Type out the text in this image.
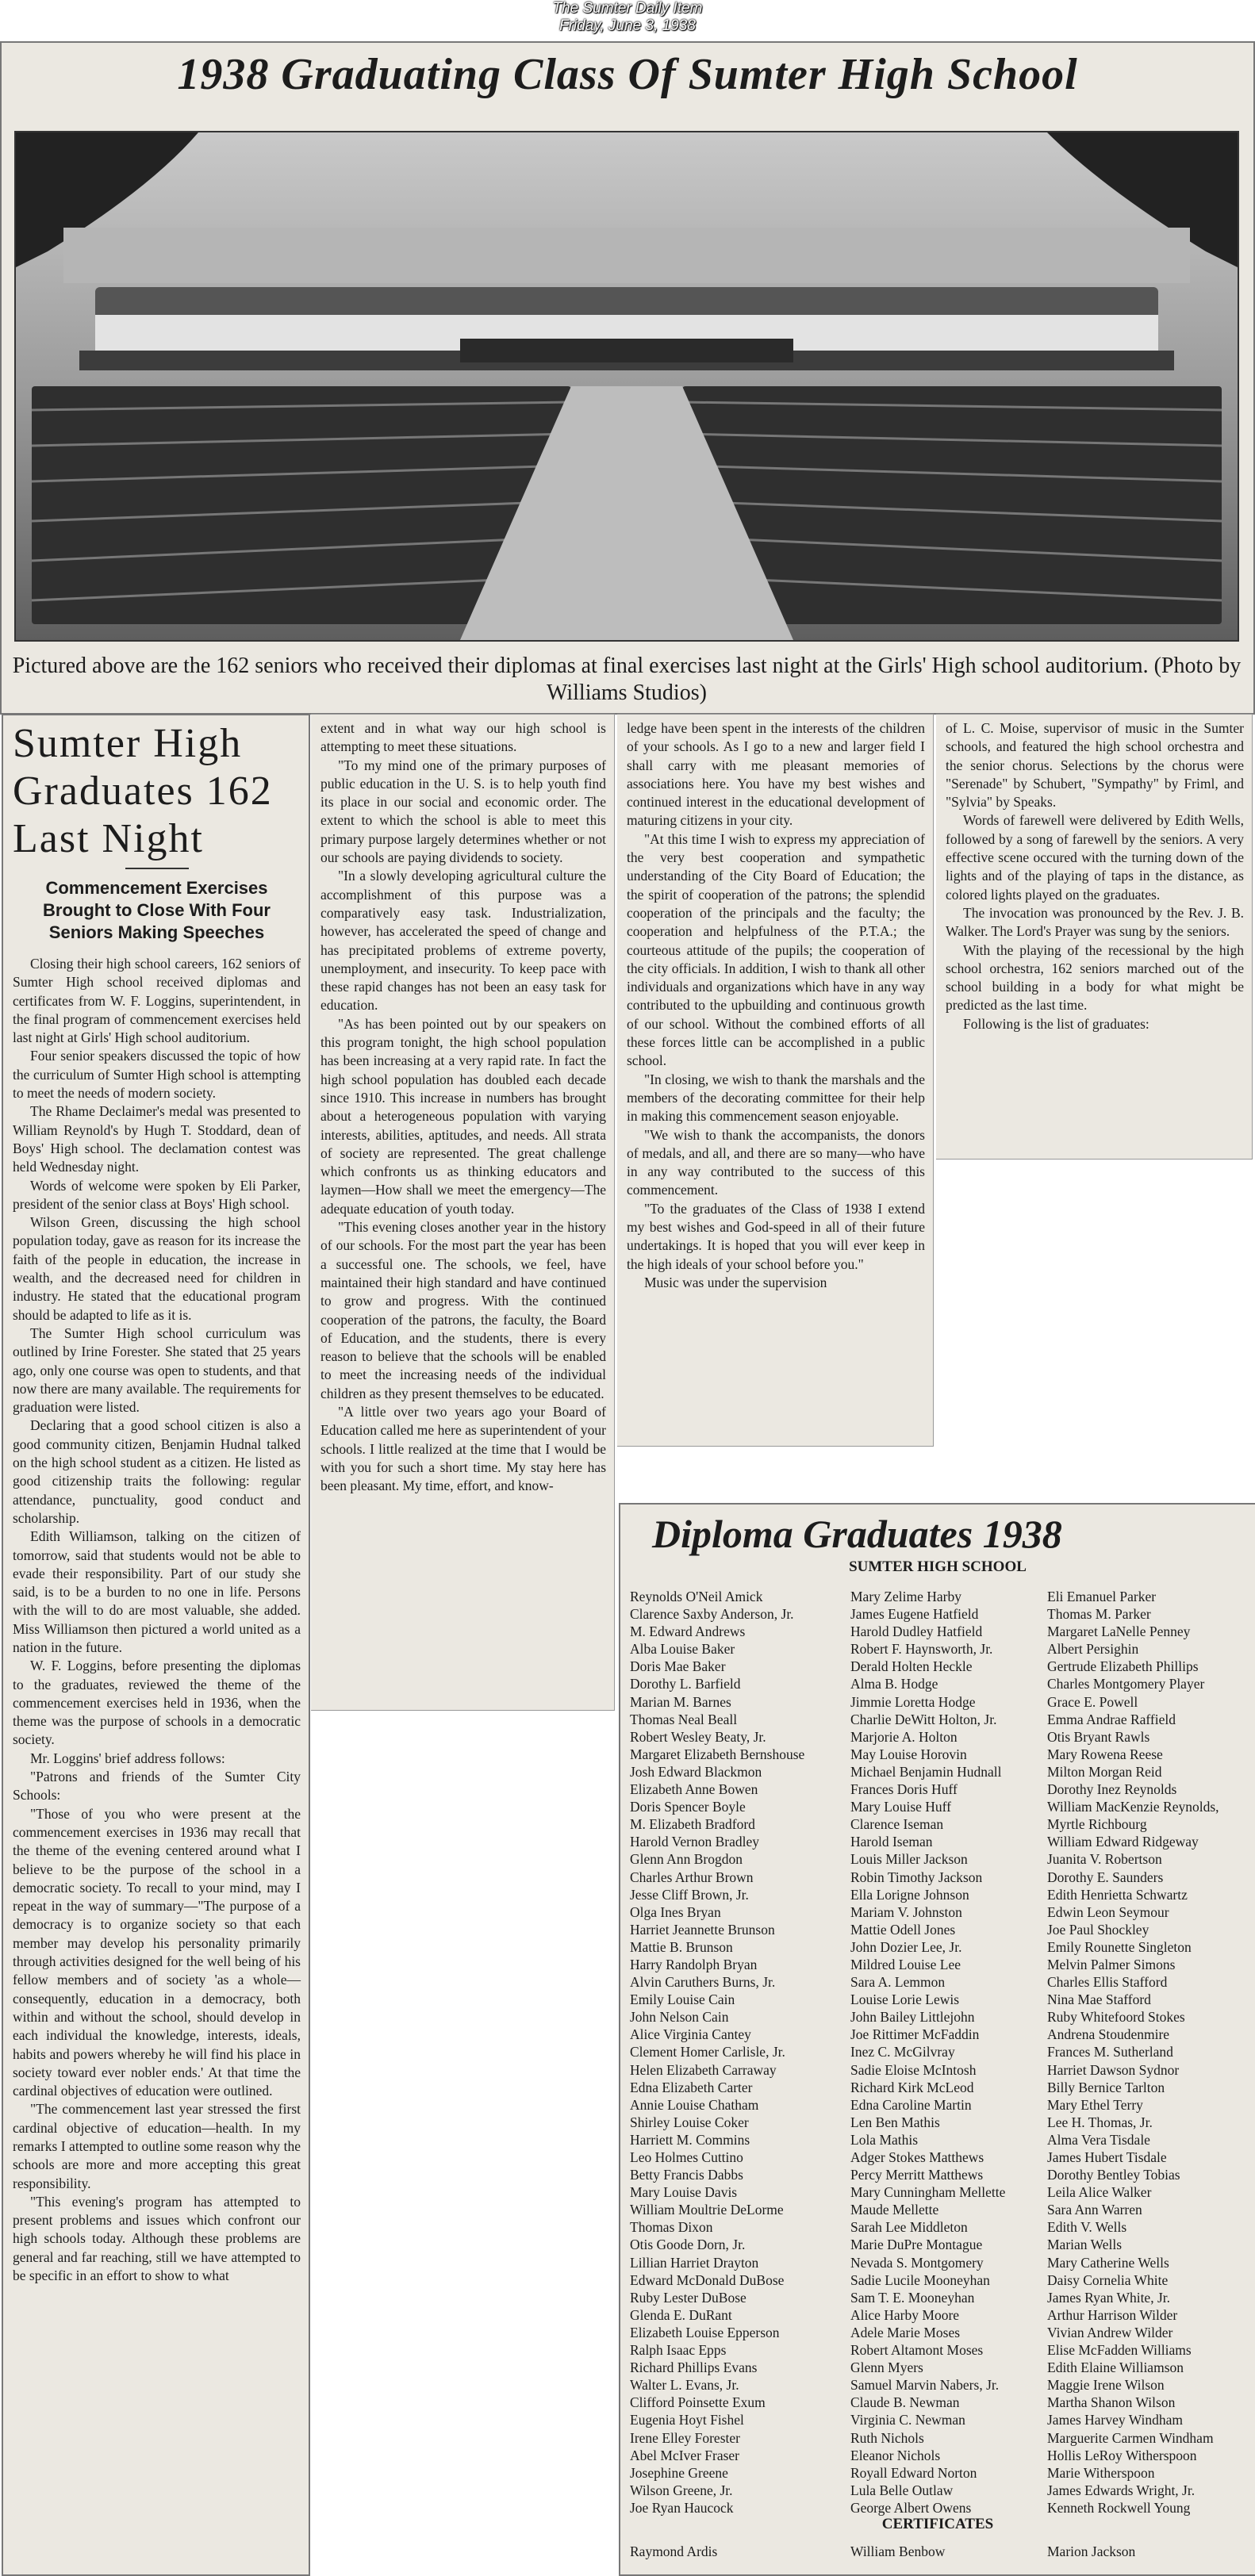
The Sumter Daily Item
Friday, June 3, 1938
1938 Graduating Class Of Sumter High School
Pictured above are the 162 seniors who received their diplomas at final exercises last night at the Girls' High school auditorium. (Photo by Williams Studios)
Sumter High
Graduates 162
Last Night
Commencement Exercises Brought to Close With Four Seniors Making Speeches

Closing their high school careers, 162 seniors of Sumter High school received diplomas and certificates from W. F. Loggins, superintendent, in the final program of commencement exercises held last night at Girls' High school auditorium.

Four senior speakers discussed the topic of how the curriculum of Sumter High school is attempting to meet the needs of modern society.

The Rhame Declaimer's medal was presented to William Reynold's by Hugh T. Stoddard, dean of Boys' High school. The declamation contest was held Wednesday night.

Words of welcome were spoken by Eli Parker, president of the senior class at Boys' High school.

Wilson Green, discussing the high school population today, gave as reason for its increase the faith of the people in education, the increase in wealth, and the decreased need for children in industry. He stated that the educational program should be adapted to life as it is.

The Sumter High school curriculum was outlined by Irine Forester. She stated that 25 years ago, only one course was open to students, and that now there are many available. The requirements for graduation were listed.

Declaring that a good school citizen is also a good community citizen, Benjamin Hudnal talked on the high school student as a citizen. He listed as good citizenship traits the following: regular attendance, punctuality, good conduct and scholarship.

Edith Williamson, talking on the citizen of tomorrow, said that students would not be able to evade their responsibility. Part of our study she said, is to be a burden to no one in life. Persons with the will to do are most valuable, she added. Miss Williamson then pictured a world united as a nation in the future.

W. F. Loggins, before presenting the diplomas to the graduates, reviewed the theme of the commencement exercises held in 1936, when the theme was the purpose of schools in a democratic society.

Mr. Loggins' brief address follows:

"Patrons and friends of the Sumter City Schools:

"Those of you who were present at the commencement exercises in 1936 may recall that the theme of the evening centered around what I believe to be the purpose of the school in a democratic society. To recall to your mind, may I repeat in the way of summary—"The purpose of a democracy is to organize society so that each member may develop his personality primarily through activities designed for the well being of his fellow members and of society 'as a whole—consequently, education in a democracy, both within and without the school, should develop in each individual the knowledge, interests, ideals, habits and powers whereby he will find his place in society toward ever nobler ends.' At that time the cardinal objectives of education were outlined.

"The commencement last year stressed the first cardinal objective of education—health. In my remarks I attempted to outline some reason why the schools are more and more accepting this great responsibility.

"This evening's program has attempted to present problems and issues which confront our high schools today. Although these problems are general and far reaching, still we have attempted to be specific in an effort to show to what

extent and in what way our high school is attempting to meet these situations.

"To my mind one of the primary purposes of public education in the U. S. is to help youth find its place in our social and economic order. The extent to which the school is able to meet this primary purpose largely determines whether or not our schools are paying dividends to society.

"In a slowly developing agricultural culture the accomplishment of this purpose was a comparatively easy task. Industrialization, however, has accelerated the speed of change and has precipitated problems of extreme poverty, unemployment, and insecurity. To keep pace with these rapid changes has not been an easy task for education.

"As has been pointed out by our speakers on this program tonight, the high school population has been increasing at a very rapid rate. In fact the high school population has doubled each decade since 1910. This increase in numbers has brought about a heterogeneous population with varying interests, abilities, aptitudes, and needs. All strata of society are represented. The great challenge which confronts us as thinking educators and laymen—How shall we meet the emergency—The adequate education of youth today.

"This evening closes another year in the history of our schools. For the most part the year has been a successful one. The schools, we feel, have maintained their high standard and have continued to grow and progress. With the continued cooperation of the patrons, the faculty, the Board of Education, and the students, there is every reason to believe that the schools will be enabled to meet the increasing needs of the individual children as they present themselves to be educated.

"A little over two years ago your Board of Education called me here as superintendent of your schools. I little realized at the time that I would be with you for such a short time. My stay here has been pleasant. My time, effort, and know-

ledge have been spent in the interests of the children of your schools. As I go to a new and larger field I shall carry with me pleasant memories of associations here. You have my best wishes and continued interest in the educational development of maturing citizens in your city.

"At this time I wish to express my appreciation of the very best cooperation and sympathetic understanding of the City Board of Education; the the spirit of cooperation of the patrons; the splendid cooperation of the principals and the faculty; the cooperation and helpfulness of the P.T.A.; the courteous attitude of the pupils; the cooperation of the city officials. In addition, I wish to thank all other individuals and organizations which have in any way contributed to the upbuilding and continuous growth of our school. Without the combined efforts of all these forces little can be accomplished in a public school.

"In closing, we wish to thank the marshals and the members of the decorating committee for their help in making this commencement season enjoyable.

"We wish to thank the accompanists, the donors of medals, and all, and there are so many—who have in any way contributed to the success of this commencement.

"To the graduates of the Class of 1938 I extend my best wishes and God-speed in all of their future undertakings. It is hoped that you will ever keep in the high ideals of your school before you."

Music was under the supervision

of L. C. Moise, supervisor of music in the Sumter schools, and featured the high school orchestra and the senior chorus. Selections by the chorus were "Serenade" by Schubert, "Sympathy" by Friml, and "Sylvia" by Speaks.

Words of farewell were delivered by Edith Wells, followed by a song of farewell by the seniors. A very effective scene occured with the turning down of the lights and of the playing of taps in the distance, as colored lights played on the graduates.

The invocation was pronounced by the Rev. J. B. Walker. The Lord's Prayer was sung by the seniors.

With the playing of the recessional by the high school orchestra, 162 seniors marched out of the school building in a body for what might be predicted as the last time.

Following is the list of graduates:

Diploma Graduates 1938
SUMTER HIGH SCHOOL
Reynolds O'Neil Amick
Clarence Saxby Anderson, Jr.
M. Edward Andrews
Alba Louise Baker
Doris Mae Baker
Dorothy L. Barfield
Marian M. Barnes
Thomas Neal Beall
Robert Wesley Beaty, Jr.
Margaret Elizabeth Bernshouse
Josh Edward Blackmon
Elizabeth Anne Bowen
Doris Spencer Boyle
M. Elizabeth Bradford
Harold Vernon Bradley
Glenn Ann Brogdon
Charles Arthur Brown
Jesse Cliff Brown, Jr.
Olga Ines Bryan
Harriet Jeannette Brunson
Mattie B. Brunson
Harry Randolph Bryan
Alvin Caruthers Burns, Jr.
Emily Louise Cain
John Nelson Cain
Alice Virginia Cantey
Clement Homer Carlisle, Jr.
Helen Elizabeth Carraway
Edna Elizabeth Carter
Annie Louise Chatham
Shirley Louise Coker
Harriett M. Commins
Leo Holmes Cuttino
Betty Francis Dabbs
Mary Louise Davis
William Moultrie DeLorme
Thomas Dixon
Otis Goode Dorn, Jr.
Lillian Harriet Drayton
Edward McDonald DuBose
Ruby Lester DuBose
Glenda E. DuRant
Elizabeth Louise Epperson
Ralph Isaac Epps
Richard Phillips Evans
Walter L. Evans, Jr.
Clifford Poinsette Exum
Eugenia Hoyt Fishel
Irene Elley Forester
Abel McIver Fraser
Josephine Greene
Wilson Greene, Jr.
Joe Ryan Haucock
Mary Zelime Harby
James Eugene Hatfield
Harold Dudley Hatfield
Robert F. Haynsworth, Jr.
Derald Holten Heckle
Alma B. Hodge
Jimmie Loretta Hodge
Charlie DeWitt Holton, Jr.
Marjorie A. Holton
May Louise Horovin
Michael Benjamin Hudnall
Frances Doris Huff
Mary Louise Huff
Clarence Iseman
Harold Iseman
Louis Miller Jackson
Robin Timothy Jackson
Ella Lorigne Johnson
Mariam V. Johnston
Mattie Odell Jones
John Dozier Lee, Jr.
Mildred Louise Lee
Sara A. Lemmon
Louise Lorie Lewis
John Bailey Littlejohn
Joe Rittimer McFaddin
Inez C. McGilvray
Sadie Eloise McIntosh
Richard Kirk McLeod
Edna Caroline Martin
Len Ben Mathis
Lola Mathis
Adger Stokes Matthews
Percy Merritt Matthews
Mary Cunningham Mellette
Maude Mellette
Sarah Lee Middleton
Marie DuPre Montague
Nevada S. Montgomery
Sadie Lucile Mooneyhan
Sam T. E. Mooneyhan
Alice Harby Moore
Adele Marie Moses
Robert Altamont Moses
Glenn Myers
Samuel Marvin Nabers, Jr.
Claude B. Newman
Virginia C. Newman
Ruth Nichols
Eleanor Nichols
Royall Edward Norton
Lula Belle Outlaw
George Albert Owens
Eli Emanuel Parker
Thomas M. Parker
Margaret LaNelle Penney
Albert Persighin
Gertrude Elizabeth Phillips
Charles Montgomery Player
Grace E. Powell
Emma Andrae Raffield
Otis Bryant Rawls
Mary Rowena Reese
Milton Morgan Reid
Dorothy Inez Reynolds
William MacKenzie Reynolds,
Myrtle Richbourg
William Edward Ridgeway
Juanita V. Robertson
Dorothy E. Saunders
Edith Henrietta Schwartz
Edwin Leon Seymour
Joe Paul Shockley
Emily Rounette Singleton
Melvin Palmer Simons
Charles Ellis Stafford
Nina Mae Stafford
Ruby Whitefoord Stokes
Andrena Stoudenmire
Frances M. Sutherland
Harriet Dawson Sydnor
Billy Bernice Tarlton
Mary Ethel Terry
Lee H. Thomas, Jr.
Alma Vera Tisdale
James Hubert Tisdale
Dorothy Bentley Tobias
Leila Alice Walker
Sara Ann Warren
Edith V. Wells
Marian Wells
Mary Catherine Wells
Daisy Cornelia White
James Ryan White, Jr.
Arthur Harrison Wilder
Vivian Andrew Wilder
Elise McFadden Williams
Edith Elaine Williamson
Maggie Irene Wilson
Martha Shanon Wilson
James Harvey Windham
Marguerite Carmen Windham
Hollis LeRoy Witherspoon
Marie Witherspoon
James Edwards Wright, Jr.
Kenneth Rockwell Young
CERTIFICATES
Raymond Ardis	William Benbow	Marion Jackson
